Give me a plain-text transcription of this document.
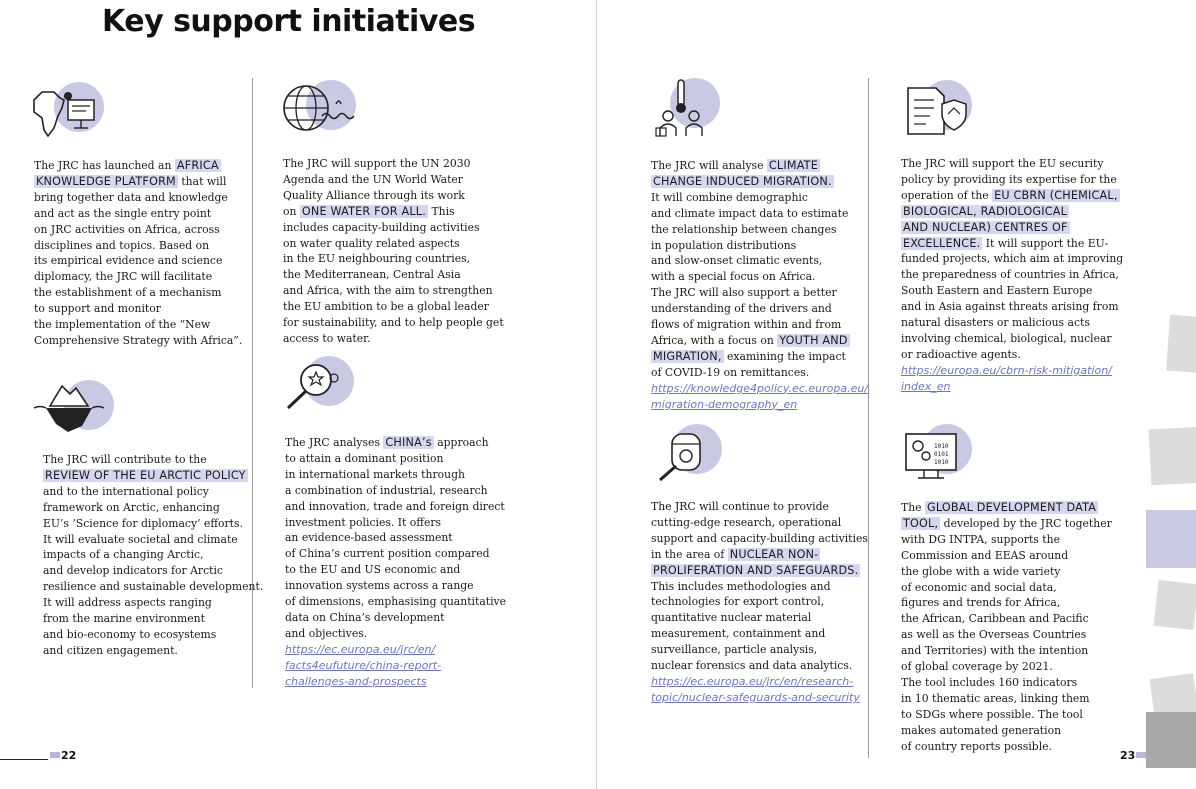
Key support initiatives
1010
0101
1010

The JRC has launched an AFRICA

KNOWLEDGE PLATFORM that will

bring together data and knowledge

and act as the single entry point

on JRC activities on Africa, across

disciplines and topics. Based on

its empirical evidence and science

diplomacy, the JRC will facilitate

the establishment of a mechanism

to support and monitor

the implementation of the “New

Comprehensive Strategy with Africa”.

The JRC will support the UN 2030

Agenda and the UN World Water

Quality Alliance through its work

on ONE WATER FOR ALL. This

includes capacity-building activities

on water quality related aspects

in the EU neighbouring countries,

the Mediterranean, Central Asia

and Africa, with the aim to strengthen

the EU ambition to be a global leader

for sustainability, and to help people get

access to water.

The JRC will contribute to the

REVIEW OF THE EU ARCTIC POLICY

and to the international policy

framework on Arctic, enhancing

EU’s ’Science for diplomacy’ efforts.

It will evaluate societal and climate

impacts of a changing Arctic,

and develop indicators for Arctic

resilience and sustainable development.

It will address aspects ranging

from the marine environment

and bio-economy to ecosystems

and citizen engagement.

The JRC analyses CHINA’s approach

to attain a dominant position

in international markets through

a combination of industrial, research

and innovation, trade and foreign direct

investment policies. It offers

an evidence-based assessment

of China’s current position compared

to the EU and US economic and

innovation systems across a range

of dimensions, emphasising quantitative

data on China’s development

and objectives.

https://ec.europa.eu/jrc/en/

facts4eufuture/china-report-

challenges-and-prospects

The JRC will analyse CLIMATE

CHANGE INDUCED MIGRATION.

It will combine demographic

and climate impact data to estimate

the relationship between changes

in population distributions

and slow-onset climatic events,

with a special focus on Africa.

The JRC will also support a better

understanding of the drivers and

flows of migration within and from

Africa, with a focus on YOUTH AND

MIGRATION, examining the impact

of COVID-19 on remittances.

https://knowledge4policy.ec.europa.eu/

migration-demography_en

The JRC will support the EU security

policy by providing its expertise for the

operation of the EU CBRN (CHEMICAL,

BIOLOGICAL, RADIOLOGICAL

AND NUCLEAR) CENTRES OF

EXCELLENCE. It will support the EU-

funded projects, which aim at improving

the preparedness of countries in Africa,

South Eastern and Eastern Europe

and in Asia against threats arising from

natural disasters or malicious acts

involving chemical, biological, nuclear

or radioactive agents.

https://europa.eu/cbrn-risk-mitigation/

index_en

The JRC will continue to provide

cutting-edge research, operational

support and capacity-building activities

in the area of NUCLEAR NON-

PROLIFERATION AND SAFEGUARDS.

This includes methodologies and

technologies for export control,

quantitative nuclear material

measurement, containment and

surveillance, particle analysis,

nuclear forensics and data analytics.

https://ec.europa.eu/jrc/en/research-

topic/nuclear-safeguards-and-security

The GLOBAL DEVELOPMENT DATA

TOOL, developed by the JRC together

with DG INTPA, supports the

Commission and EEAS around

the globe with a wide variety

of economic and social data,

figures and trends for Africa,

the African, Caribbean and Pacific

as well as the Overseas Countries

and Territories) with the intention

of global coverage by 2021.

The tool includes 160 indicators

in 10 thematic areas, linking them

to SDGs where possible. The tool

makes automated generation

of country reports possible.

22	23
